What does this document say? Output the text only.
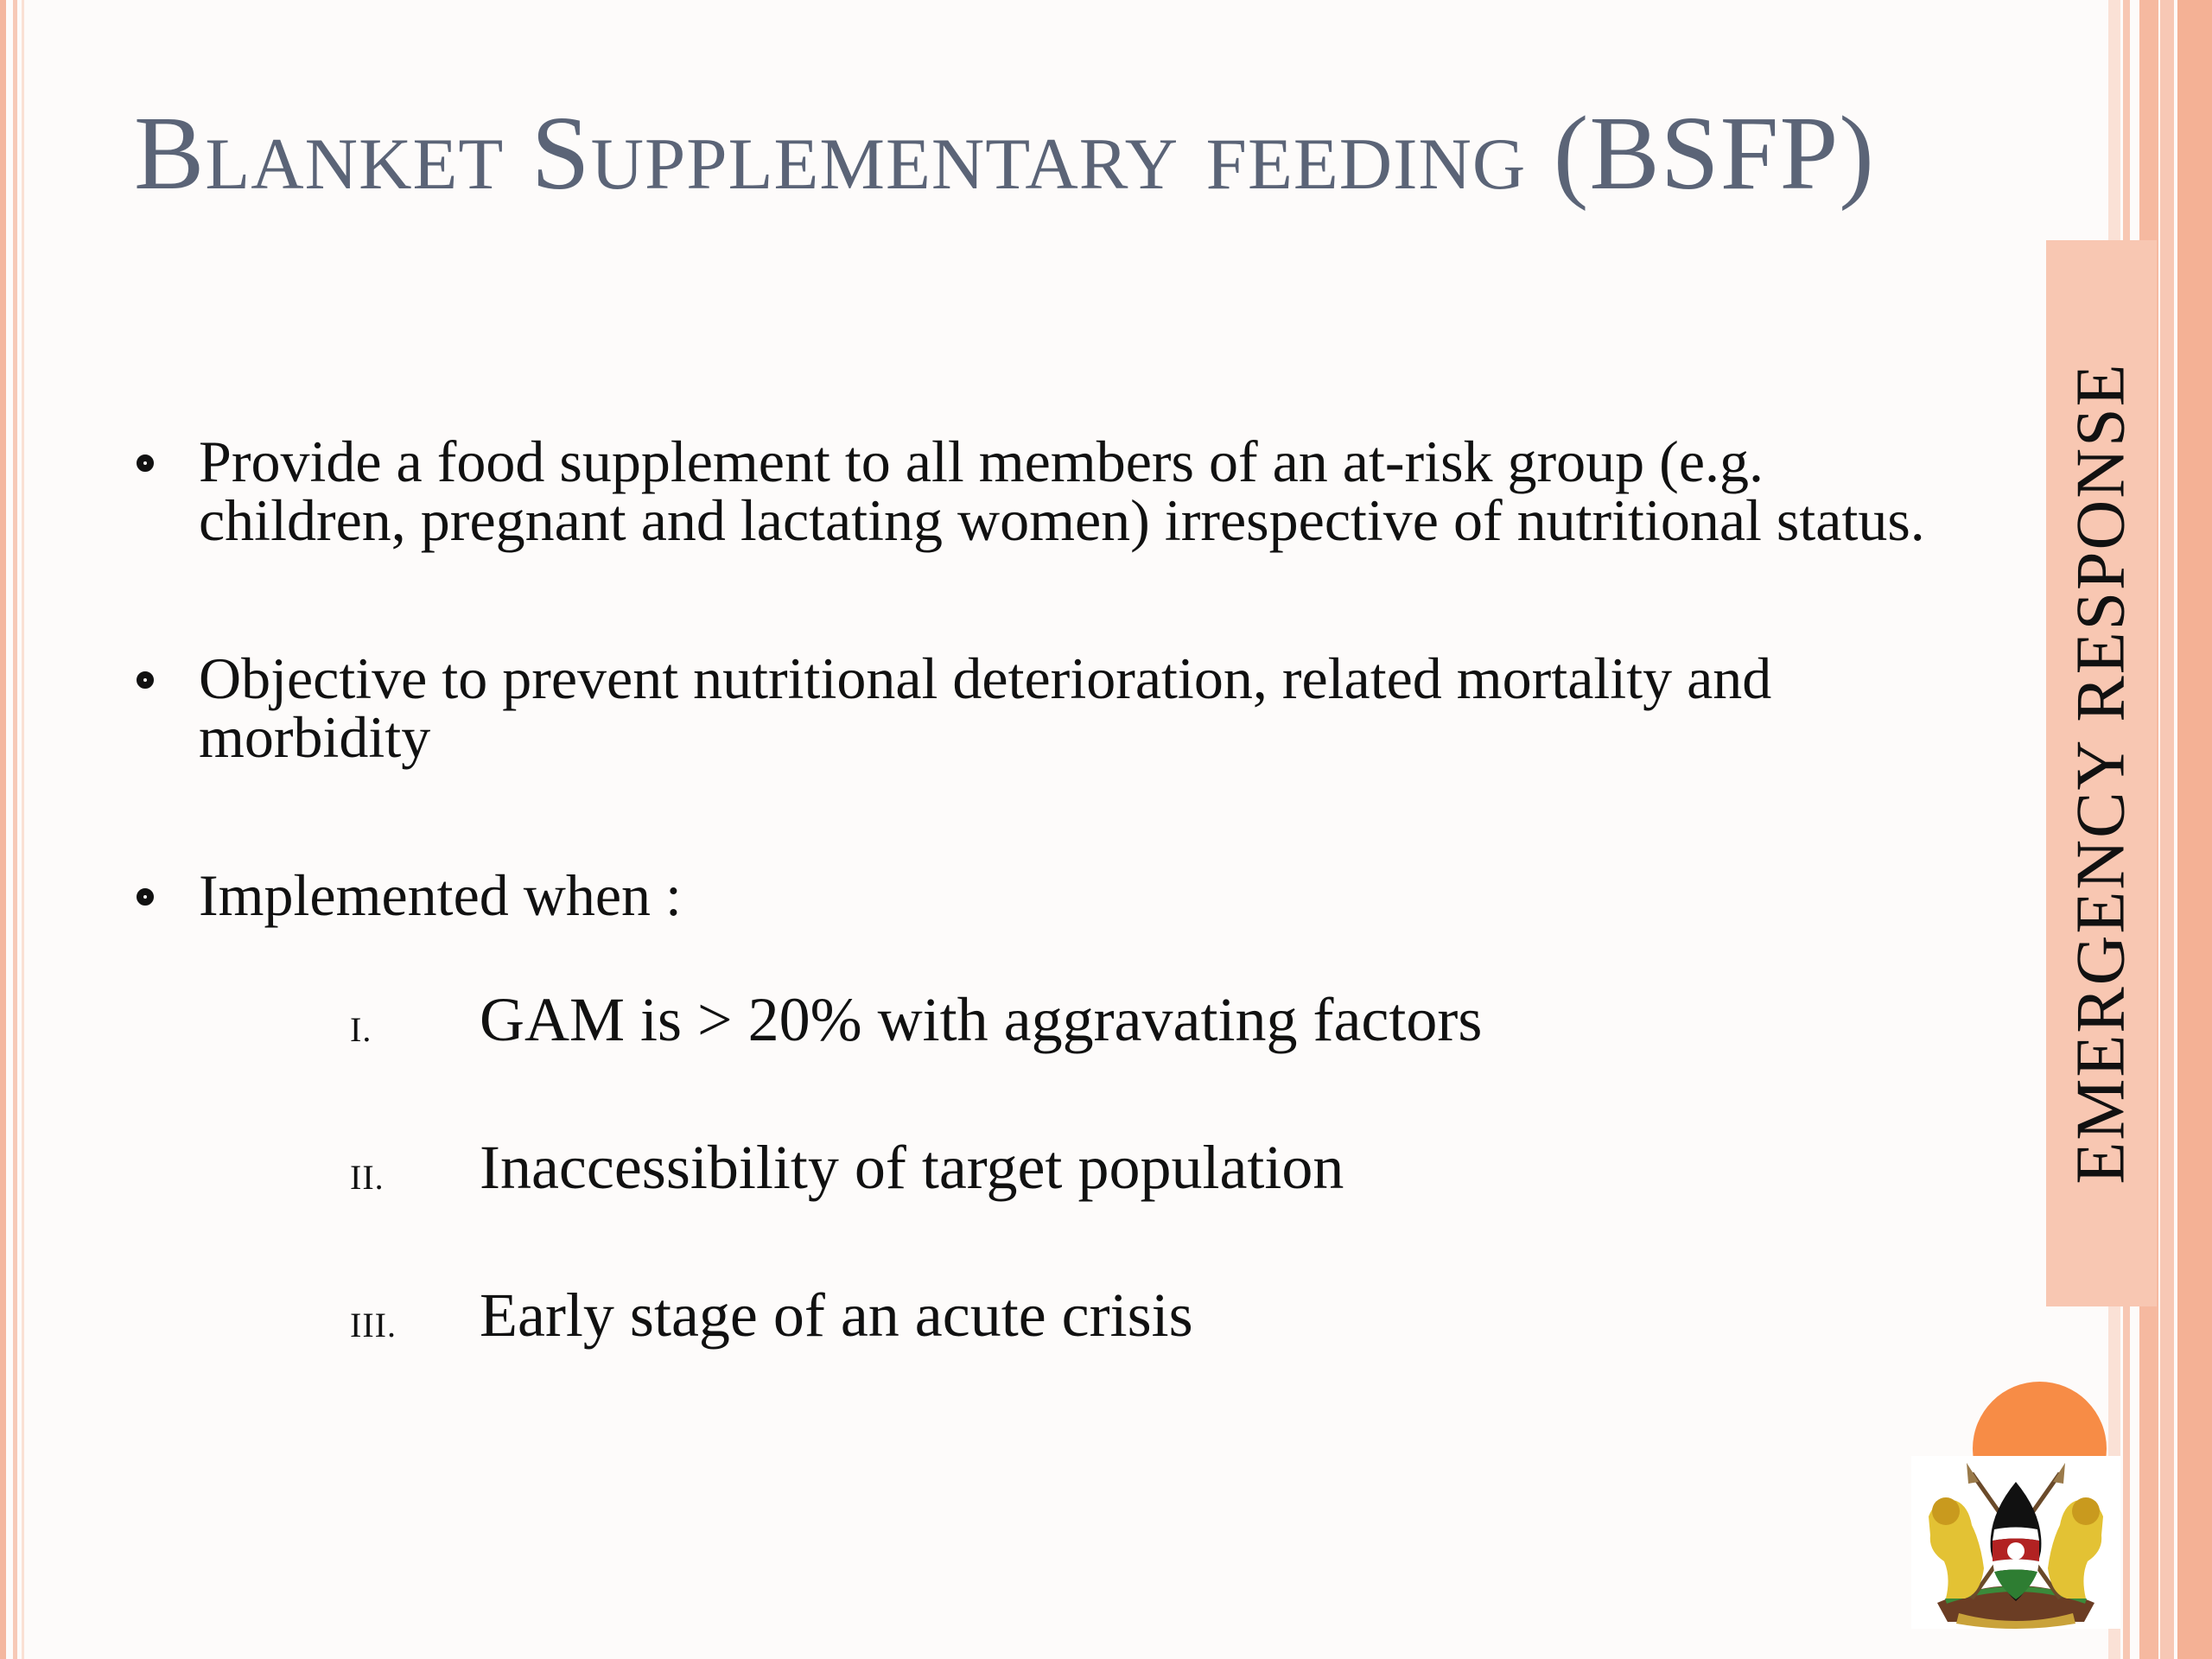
Blanket Supplementary feeding (BSFP)

Provide a food supplement to all members of an at-risk group (e.g. children, pregnant and lactating women) irrespective of nutritional status.

Objective to prevent nutritional deterioration, related mortality and morbidity

Implemented when :

I. GAM is > 20% with aggravating factors
II. Inaccessibility of target population
III. Early stage of an acute crisis
EMERGENCY RESPONSE
